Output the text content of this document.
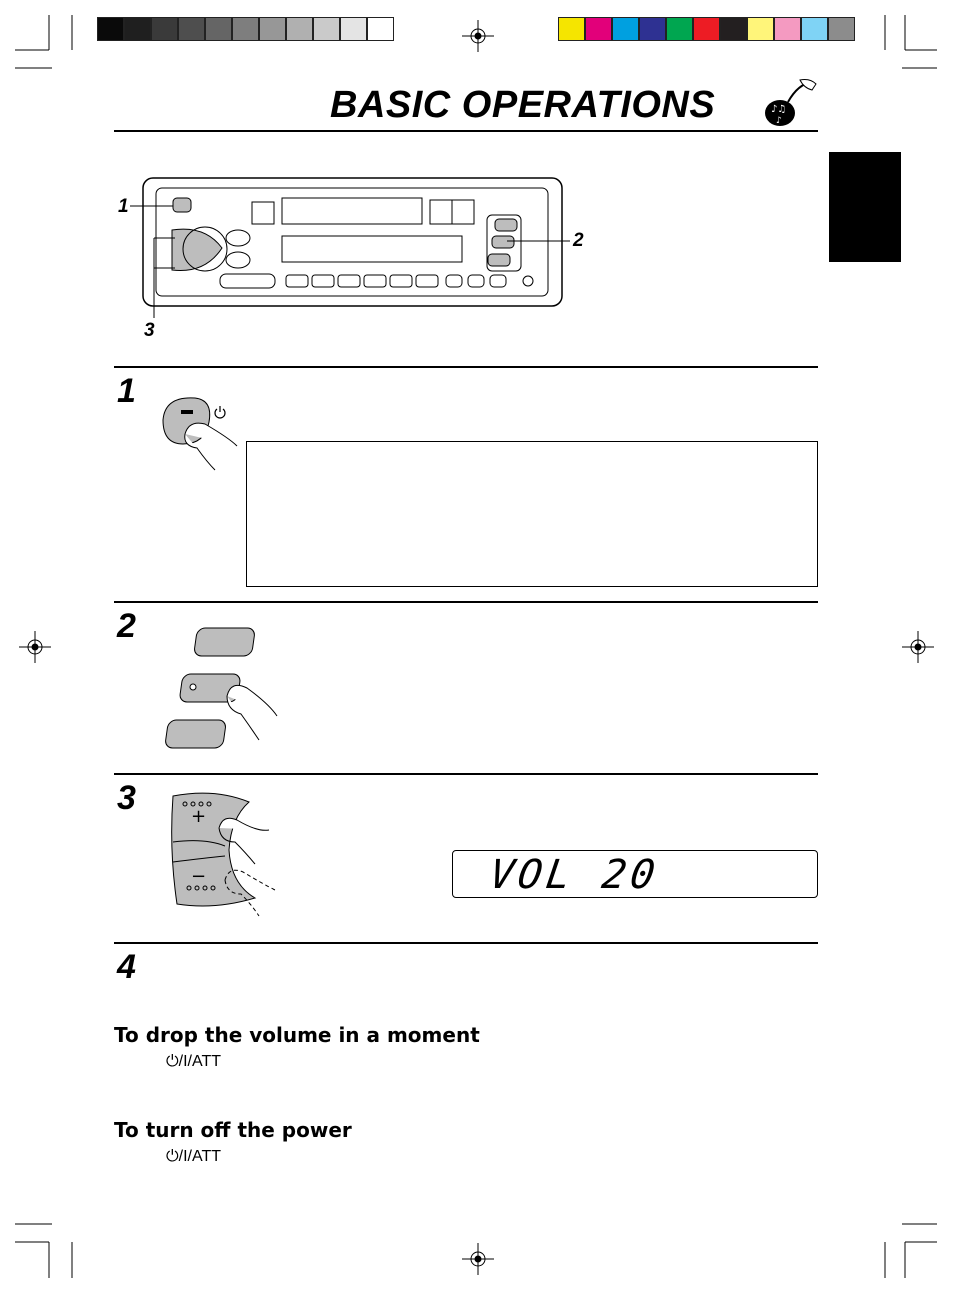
BASIC OPERATIONS	♪♫
♪
1
2
3
1
2
3	+
−	VOL 20
4
To drop the volume in a moment
⏻/I/ATT
To turn off the power
⏻/I/ATT
